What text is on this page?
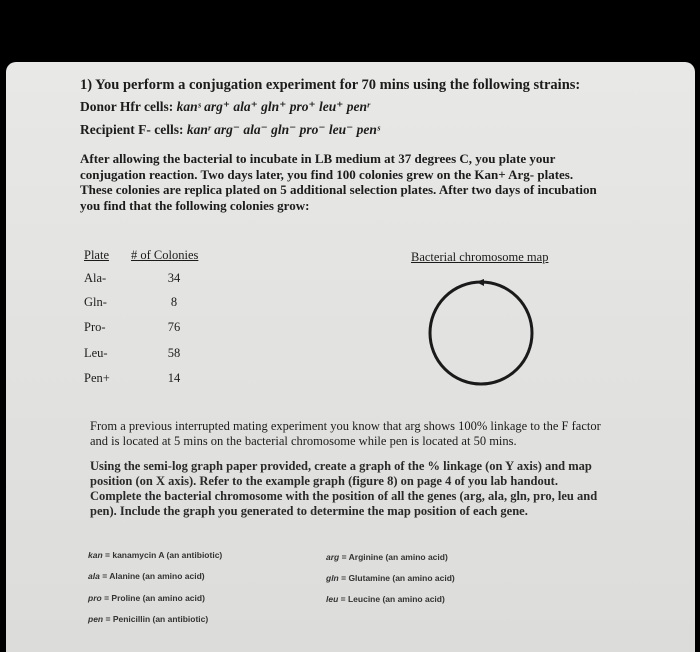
1) You perform a conjugation experiment for 70 mins using the following strains:
Donor Hfr cells: kanˢ arg⁺ ala⁺ gln⁺ pro⁺ leu⁺ penʳ
Recipient F- cells: kanʳ arg⁻ ala⁻ gln⁻ pro⁻ leu⁻ penˢ
After allowing the bacterial to incubate in LB medium at 37 degrees C, you plate your conjugation reaction. Two days later, you find 100 colonies grew on the Kan+ Arg- plates. These colonies are replica plated on 5 additional selection plates. After two days of incubation you find that the following colonies grow:
Plate # of Colonies	Bacterial chromosome map
Ala-	34
Gln-	8
Pro-	76
Leu-	58
Pen+	14
From a previous interrupted mating experiment you know that arg shows 100% linkage to the F factor and is located at 5 mins on the bacterial chromosome while pen is located at 50 mins.
Using the semi-log graph paper provided, create a graph of the % linkage (on Y axis) and map position (on X axis). Refer to the example graph (figure 8) on page 4 of you lab handout. Complete the bacterial chromosome with the position of all the genes (arg, ala, gln, pro, leu and pen). Include the graph you generated to determine the map position of each gene.
kan = kanamycin A (an antibiotic)
ala = Alanine (an amino acid)
pro = Proline (an amino acid)
pen = Penicillin (an antibiotic)
arg = Arginine (an amino acid)
gln = Glutamine (an amino acid)
leu = Leucine (an amino acid)
